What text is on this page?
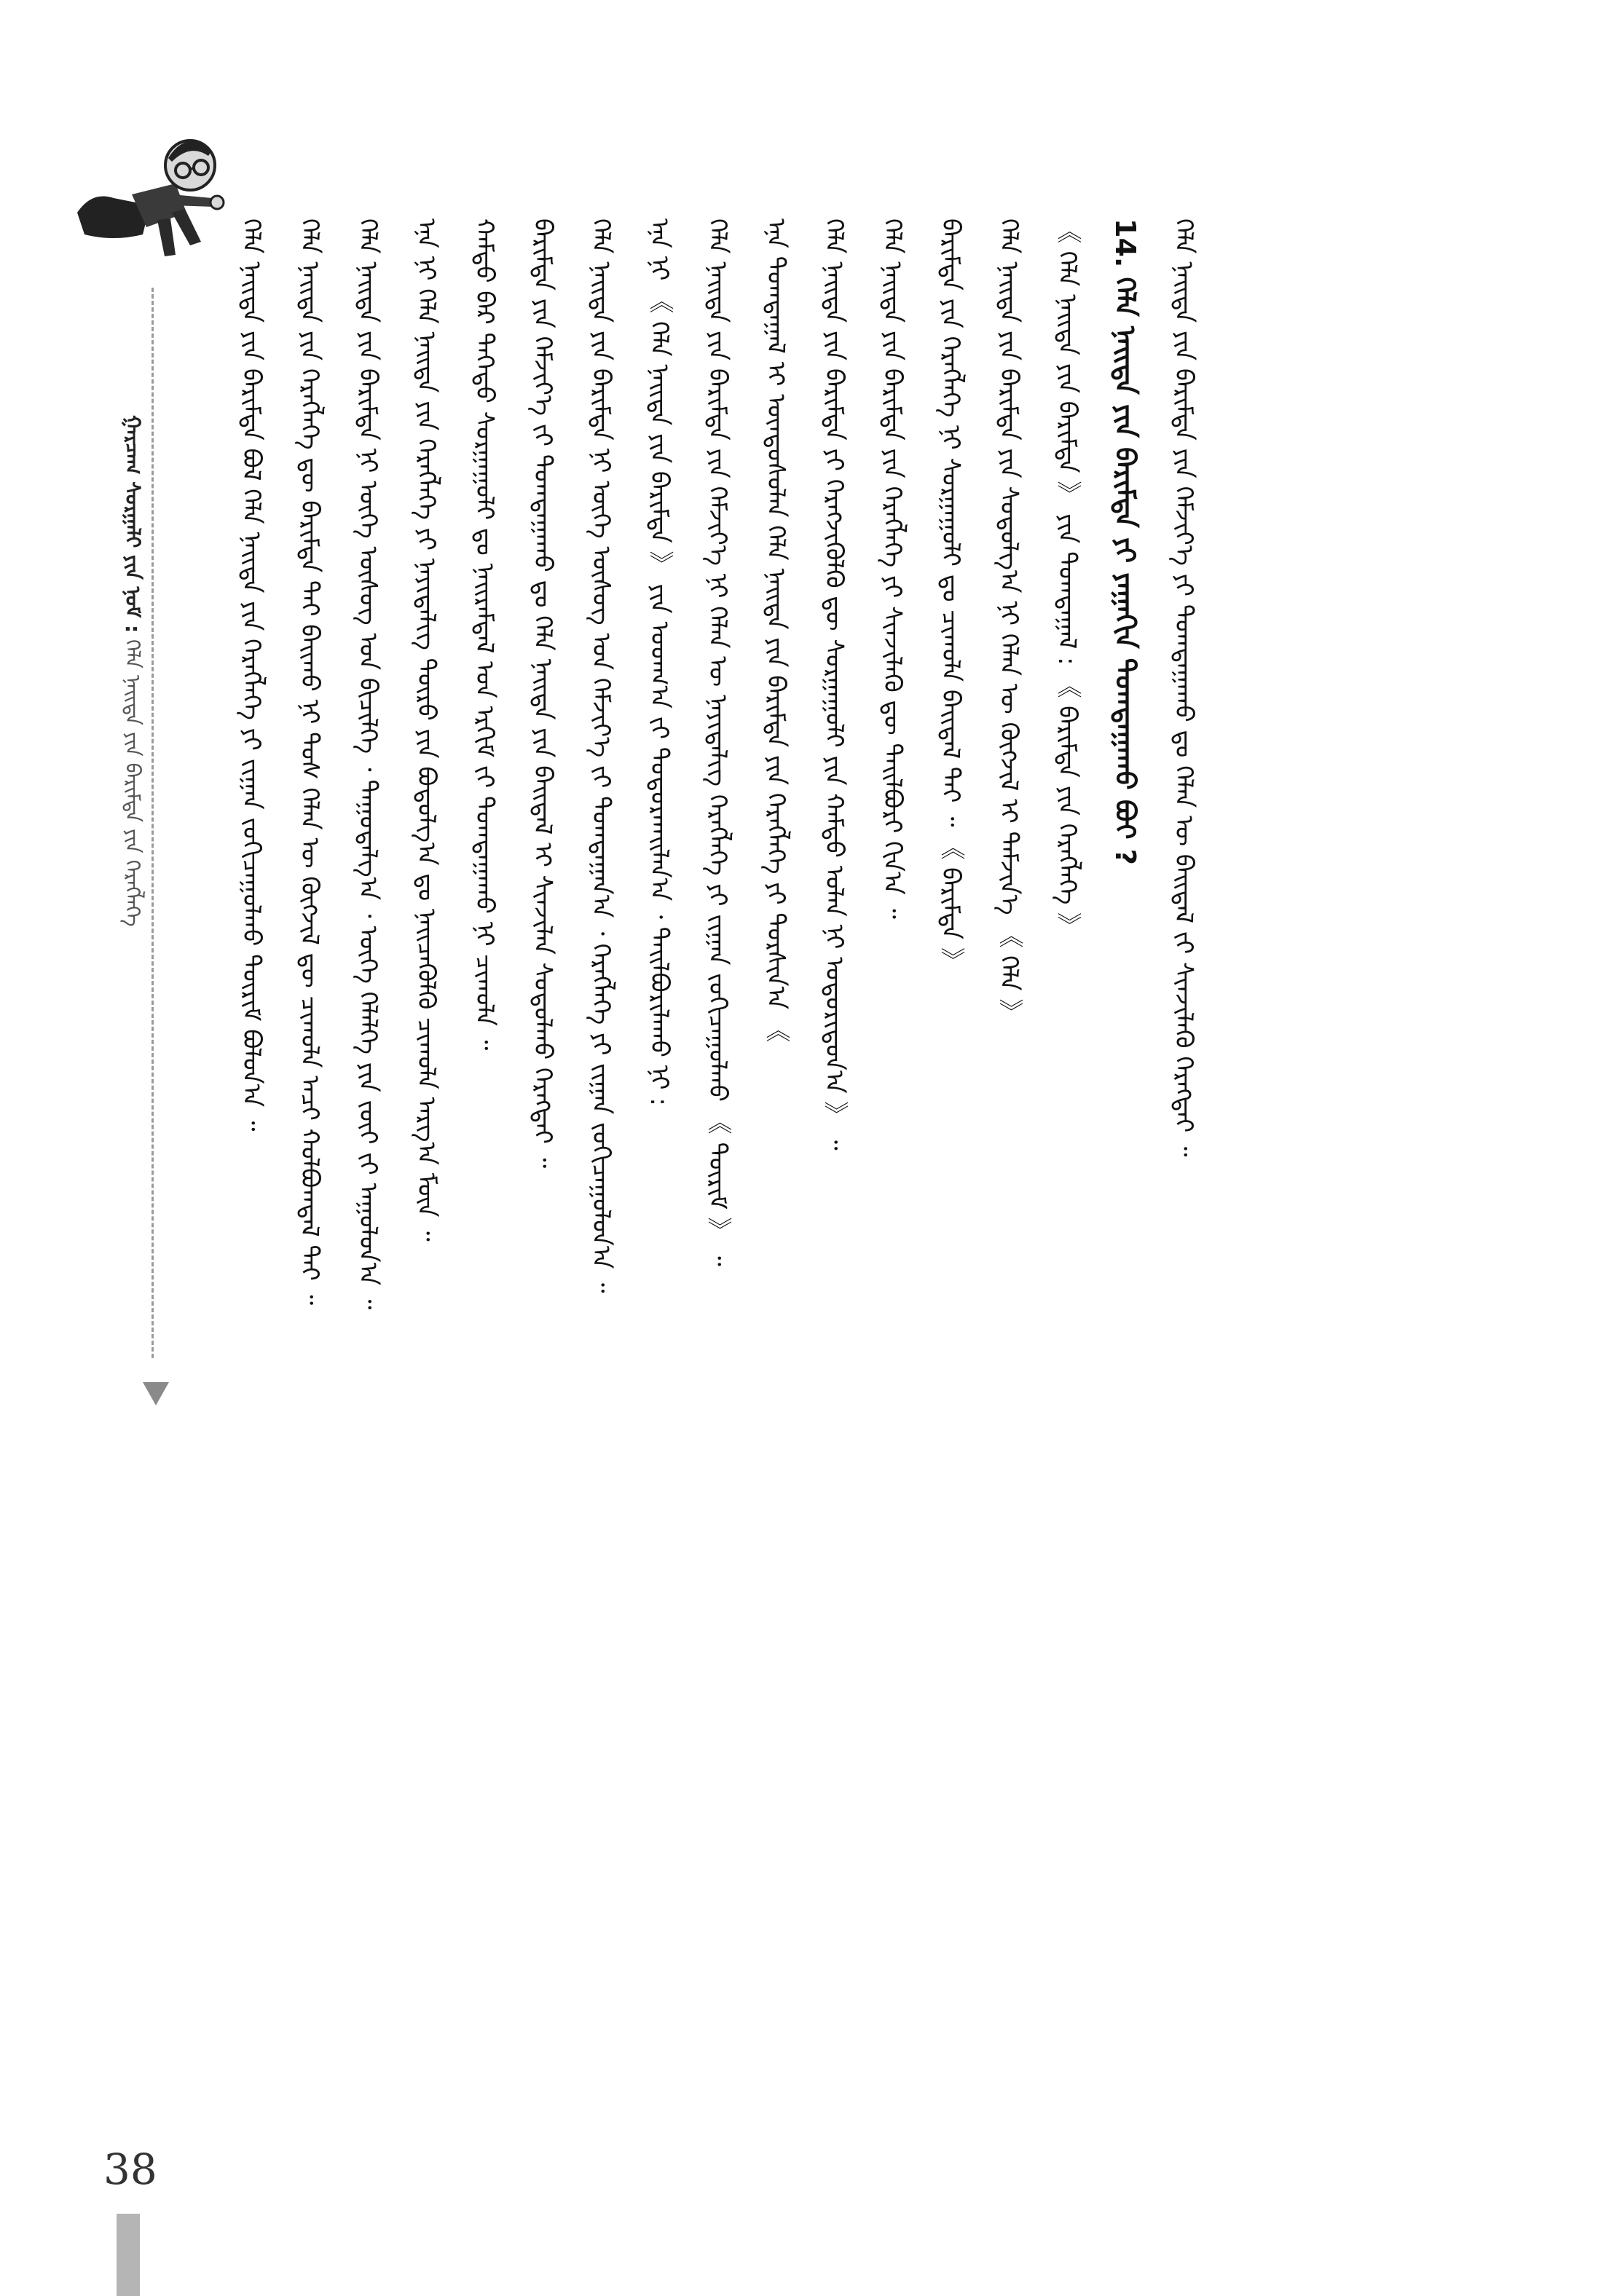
ᠭᠠᠷᠴᠠᠭ ᠰᠤᠷᠭᠠᠯᠢ ᠶᠢᠨ ᠨᠣᠮ : ᠬᠡᠯᠡ ᠨᠡᠢᠲᠡ ᠶᠢᠨ ᠪᠠᠷᠢᠮᠲᠠ ᠶᠢᠨ ᠬᠡᠷᠡᠭᠯᠡᠭᠡ	ᠬᠡᠯᠡ ᠨᠡᠢᠲᠡ ᠶᠢᠨ ᠪᠠᠷᠢᠮᠲᠠ ᠪᠣᠯ ᠬᠡᠯᠡ ᠨᠡᠢᠲᠡ ᠶᠢᠨ ᠬᠡᠷᠡᠭᠯᠡᠭᠡ ᠶᠢ ᠵᠢᠭᠠᠨ ᠵᠣᠬᠢᠴᠠᠭᠤᠯᠬᠤ ᠳᠦᠷᠢᠮ ᠪᠣᠯᠤᠨ᠎ᠠ ᠃	ᠬᠡᠯᠡ ᠨᠡᠢᠲᠡ ᠶᠢᠨ ᠬᠡᠷᠡᠭᠯᠡᠭᠡ ᠳᠦ ᠪᠠᠷᠢᠮᠲᠠ ᠲᠠᠢ ᠪᠠᠢᠬᠤ ᠨᠢ ᠲᠤᠰ ᠬᠡᠯᠡᠨ ᠦ ᠬᠥᠭᠵᠢᠯ ᠳᠦ ᠴᠢᠬᠤᠯᠠ ᠠᠴᠢ ᠬᠣᠯᠪᠣᠭᠳᠠᠯ ᠲᠠᠢ ᠃	ᠬᠡᠯᠡ ᠨᠡᠢᠲᠡ ᠶᠢᠨ ᠪᠠᠷᠢᠮᠲᠠ ᠨᠢ ᠦᠭᠡ ᠦᠰᠦᠭ ᠤᠨ ᠪᠢᠴᠢᠯᠭᠡ ᠂ ᠳᠠᠭᠤᠳᠠᠯᠭ᠎ᠠ ᠂ ᠦᠭᠡ ᠬᠡᠯᠡᠯᠭᠡ ᠶᠢᠨ ᠵᠦᠢ ᠵᠢ ᠠᠭᠤᠯᠤᠨ᠎ᠠ ᠃	ᠡᠨᠡ ᠨᠢ ᠬᠡᠯᠡ ᠨᠡᠢᠲᠡ ᠶᠢᠨ ᠬᠡᠷᠡᠭᠯᠡᠭᠡ ᠶᠢ ᠨᠡᠶᠢᠲᠡᠯᠢᠭ ᠲᠥᠷᠦ ᠶᠢᠨ ᠪᠣᠳᠤᠯᠭ᠎ᠠ ᠳᠤ ᠨᠡᠢᠴᠡᠭᠦᠯᠬᠦ ᠴᠢᠬᠤᠯᠠ ᠠᠷᠭ᠎ᠠ ᠮᠥᠨ ᠃	ᠬᠠᠮᠲᠤ ᠪᠠᠷ ᠳᠡᠭᠡᠳᠦ ᠰᠤᠷᠭᠠᠭᠤᠯᠢ ᠳᠤ ᠨᠠᠢᠷᠠᠮᠳᠠᠯ ᠤᠨ ᠡᠷᠬᠢᠮ ᠵᠢ ᠲᠣᠭᠲᠠᠭᠠᠬᠤ ᠨᠢ ᠴᠢᠬᠤᠯᠠ ᠃	ᠪᠠᠷᠢᠮᠲᠠ ᠶᠢᠨ ᠬᠡᠮᠵᠢᠶ᠎ᠡ ᠵᠢ ᠲᠣᠭᠲᠠᠭᠠᠬᠤ ᠳᠤ ᠬᠡᠯᠡ ᠨᠡᠢᠲᠡ ᠶᠢᠨ ᠪᠠᠢᠳᠠᠯ ᠢ ᠰᠢᠨᠵᠢᠯᠡᠨ ᠰᠤᠳᠤᠯᠬᠤ ᠬᠡᠷᠡᠭᠲᠡᠢ ᠃	ᠬᠡᠯᠡ ᠨᠡᠢᠲᠡ ᠶᠢᠨ ᠪᠠᠷᠢᠮᠲᠠ ᠨᠢ ᠦᠭᠡ ᠦᠰᠦᠭ ᠤᠨ ᠬᠡᠮᠵᠢᠶ᠎ᠡ ᠵᠢ ᠲᠣᠭᠲᠠᠭᠠᠨ᠎ᠠ ᠂ ᠬᠡᠷᠡᠭᠯᠡᠭᠡ ᠶᠢ ᠵᠢᠭᠠᠨ ᠵᠣᠬᠢᠴᠠᠭᠤᠯᠤᠨ᠎ᠠ ᠃	ᠡᠨᠡ ᠨᠢ 《 ᠬᠡᠯᠡ ᠨᠡᠢᠲᠡ ᠶᠢᠨ ᠪᠠᠷᠢᠮᠲᠠ 》 ᠶᠢᠨ ᠤᠳᠬ᠎ᠠ ᠵᠢ ᠲᠣᠳᠣᠷᠬᠠᠢᠯᠠᠨ᠎ᠠ ᠂ ᠲᠠᠢᠯᠪᠤᠷᠢᠯᠠᠬᠤ ᠨᠢ :	ᠬᠡᠯᠡ ᠨᠡᠢᠲᠡ ᠶᠢᠨ ᠪᠠᠷᠢᠮᠲᠠ ᠶᠢᠨ ᠬᠡᠮᠵᠢᠶ᠎ᠡ ᠨᠢ ᠬᠡᠯᠡᠨ ᠦ ᠨᠡᠶᠢᠲᠡᠯᠢᠭ ᠬᠡᠷᠡᠭᠯᠡᠭᠡ ᠶᠢ ᠵᠢᠭᠠᠨ ᠵᠣᠬᠢᠴᠠᠭᠤᠯᠬᠤ 《 ᠳᠦᠷᠢᠮ 》 ᠃	ᠡᠨᠡ ᠲᠣᠭᠲᠠᠭᠠᠯ ᠢ ᠦᠨᠳᠦᠰᠦᠯᠡᠨ ᠬᠡᠯᠡ ᠨᠡᠢᠲᠡ ᠶᠢᠨ ᠪᠠᠷᠢᠮᠲᠠ ᠶᠢᠨ ᠬᠡᠷᠡᠭᠯᠡᠭᠡ ᠶᠢ ᠲᠤᠷᠰᠢᠨ᠎ᠠ 《	ᠬᠡᠯᠡ ᠨᠡᠢᠲᠡ ᠶᠢᠨ ᠪᠠᠷᠢᠮᠲᠠ ᠶᠢ ᠬᠡᠷᠡᠭᠵᠢᠭᠦᠯᠬᠦ ᠳᠦ ᠰᠤᠷᠭᠠᠭᠤᠯᠢ ᠶᠢᠨ ᠬᠠᠮᠲᠤ ᠣᠯᠠᠨ ᠨᠢ ᠤᠳᠤᠷᠢᠳᠤᠨ᠎ᠠ 》 ᠃	ᠬᠡᠯᠡ ᠨᠡᠢᠲᠡ ᠶᠢᠨ ᠪᠠᠷᠢᠮᠲᠠ ᠶᠢᠨ ᠬᠡᠷᠡᠭᠯᠡᠭᠡ ᠶᠢ ᠰᠢᠨᠵᠢᠯᠡᠬᠦ ᠳᠦ ᠲᠠᠢᠯᠪᠤᠷᠢ ᠬᠢᠨ᠎ᠠ ᠃	ᠪᠠᠷᠢᠮᠲᠠ ᠶᠢᠨ ᠬᠡᠷᠡᠭᠯᠡᠭᠡ ᠨᠢ ᠰᠤᠷᠭᠠᠭᠤᠯᠢ ᠳᠤ ᠴᠢᠬᠤᠯᠠ ᠪᠠᠢᠳᠠᠯ ᠲᠠᠢ ᠃ 《 ᠪᠠᠷᠢᠮᠲᠠ 》	ᠬᠡᠯᠡ ᠨᠡᠢᠲᠡ ᠶᠢᠨ ᠪᠠᠷᠢᠮᠲᠠ ᠶᠢᠨ ᠰᠤᠳᠤᠯᠭ᠎ᠠ ᠨᠢ ᠬᠡᠯᠡᠨ ᠦ ᠬᠥᠭᠵᠢᠯ ᠢ ᠳᠡᠮᠵᠢᠨ᠎ᠡ 《 ᠬᠡᠯᠡ 》	《 ᠬᠡᠯᠡ ᠨᠡᠢᠲᠡ ᠶᠢᠨ ᠪᠠᠷᠢᠮᠲᠠ 》 ᠶᠢᠨ ᠲᠣᠭᠲᠠᠭᠠᠯ : 《 ᠪᠠᠷᠢᠮᠲᠠ ᠶᠢᠨ ᠬᠡᠷᠡᠭᠯᠡᠭᠡ 》	14. ᠬᠡᠯᠡ ᠨᠡᠢᠲᠡ ᠶᠢᠨ ᠪᠠᠷᠢᠮᠲᠠ ᠶᠢ ᠶᠠᠭᠠᠬᠢᠨ ᠲᠣᠭᠲᠠᠭᠠᠬᠤ ᠪᠣᠢ ?	ᠬᠡᠯᠡ ᠨᠡᠢᠲᠡ ᠶᠢᠨ ᠪᠠᠷᠢᠮᠲᠠ ᠶᠢᠨ ᠬᠡᠮᠵᠢᠶ᠎ᠡ ᠶᠢ ᠲᠣᠭᠲᠠᠭᠠᠬᠤ ᠳᠤ ᠬᠡᠯᠡᠨ ᠦ ᠪᠠᠢᠳᠠᠯ ᠵᠢ ᠰᠢᠨᠵᠢᠯᠡᠬᠦ ᠬᠡᠷᠡᠭᠲᠡᠢ ᠃
38
